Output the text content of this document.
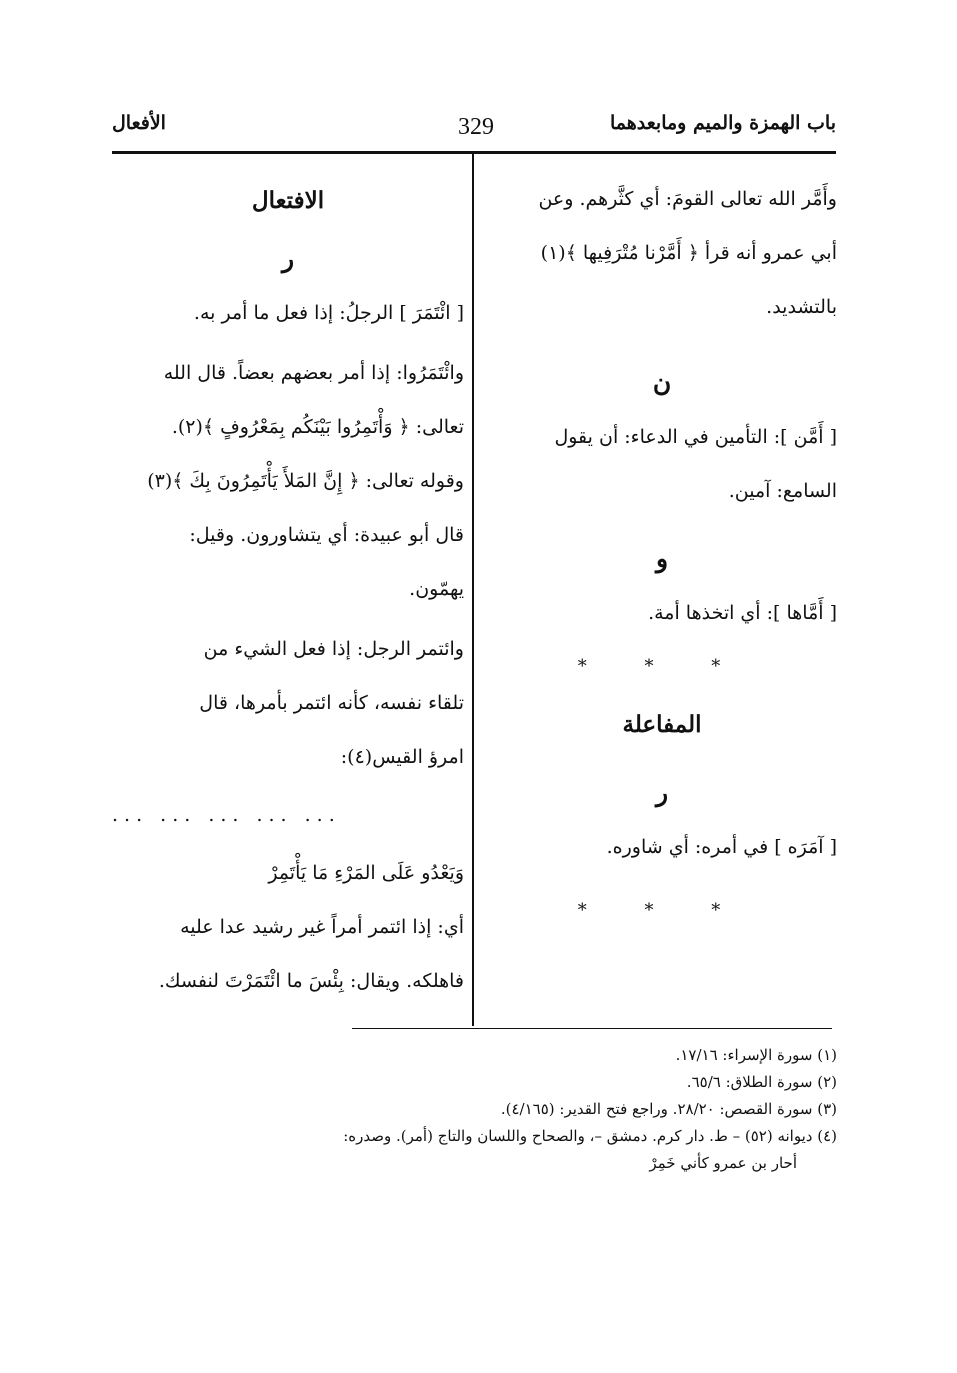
باب الهمزة والميم ومابعدهما
329
الأفعال

وأَمَّر الله تعالى القومَ: أي كثَّرهم. وعن

أبي عمرو أنه قرأ ﴿ أَمَّرْنا مُتْرَفِيها ﴾(١)

بالتشديد.

ن

[ أَمَّن ]: التأمين في الدعاء: أن يقول

السامع: آمين.

و

[ أَمَّاها ]: أي اتخذها أمة.

* * *

المفاعلة

ر

[ آمَرَه ] في أمره: أي شاوره.

* * *

الافتعال

ر

[ ائْتَمَرَ ] الرجلُ: إذا فعل ما أمر به.

وائْتَمَرُوا: إذا أمر بعضهم بعضاً. قال الله

تعالى: ﴿ وَأْتَمِرُوا بَيْنَكُم بِمَعْرُوفٍ ﴾(٢).

وقوله تعالى: ﴿ إِنَّ المَلأَ يَأْتَمِرُونَ بِكَ ﴾(٣)

قال أبو عبيدة: أي يتشاورون. وقيل:

يهمّون.

وائتمر الرجل: إذا فعل الشيء من

تلقاء نفسه، كأنه ائتمر بأمرها، قال

امرؤ القيس(٤):

... ... ... ... ...

وَيَعْدُو عَلَى المَرْءِ مَا يَأْتَمِرْ

أي: إذا ائتمر أمراً غير رشيد عدا عليه

فاهلكه. ويقال: بِئْسَ ما ائْتَمَرْتَ لنفسك.

(١) سورة الإسراء: ١٧/١٦.
(٢) سورة الطلاق: ٦٥/٦.
(٣) سورة القصص: ٢٨/٢٠. وراجع فتح القدير: (٤/١٦٥).
(٤) ديوانه (٥٢) – ط. دار كرم. دمشق –، والصحاح واللسان والتاج (أمر). وصدره:
أحار بن عمرو كأني خَمِرْ
